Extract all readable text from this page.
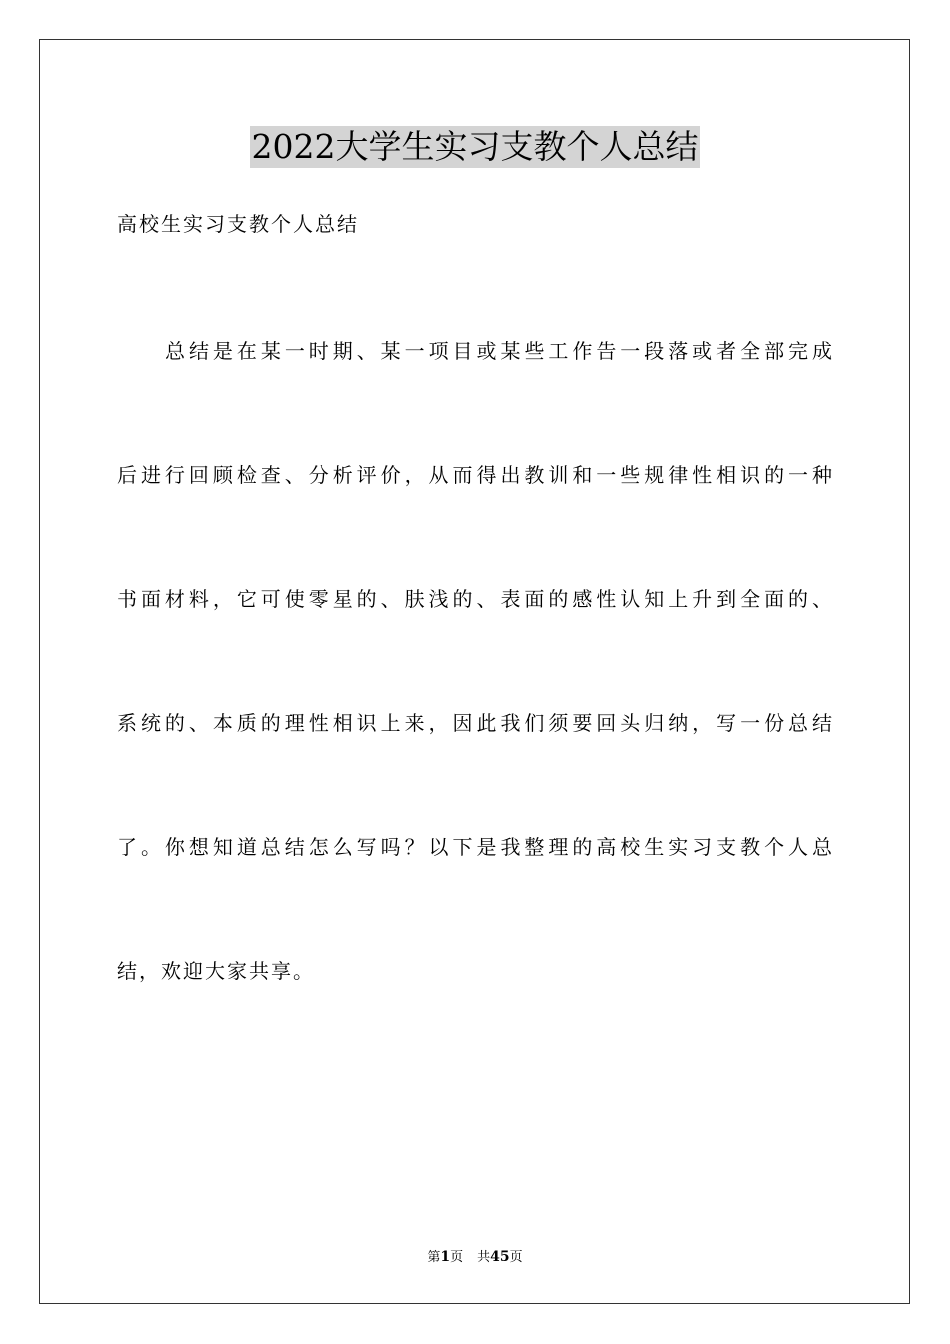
2022大学生实习支教个人总结
高校生实习支教个人总结
总结是在某一时期、某一项目或某些工作告一段落或者全部完成
后进行回顾检查、分析评价，从而得出教训和一些规律性相识的一种
书面材料，它可使零星的、肤浅的、表面的感性认知上升到全面的、
系统的、本质的理性相识上来，因此我们须要回头归纳，写一份总结
了。你想知道总结怎么写吗？以下是我整理的高校生实习支教个人总
结，欢迎大家共享。
第1页 共45页
